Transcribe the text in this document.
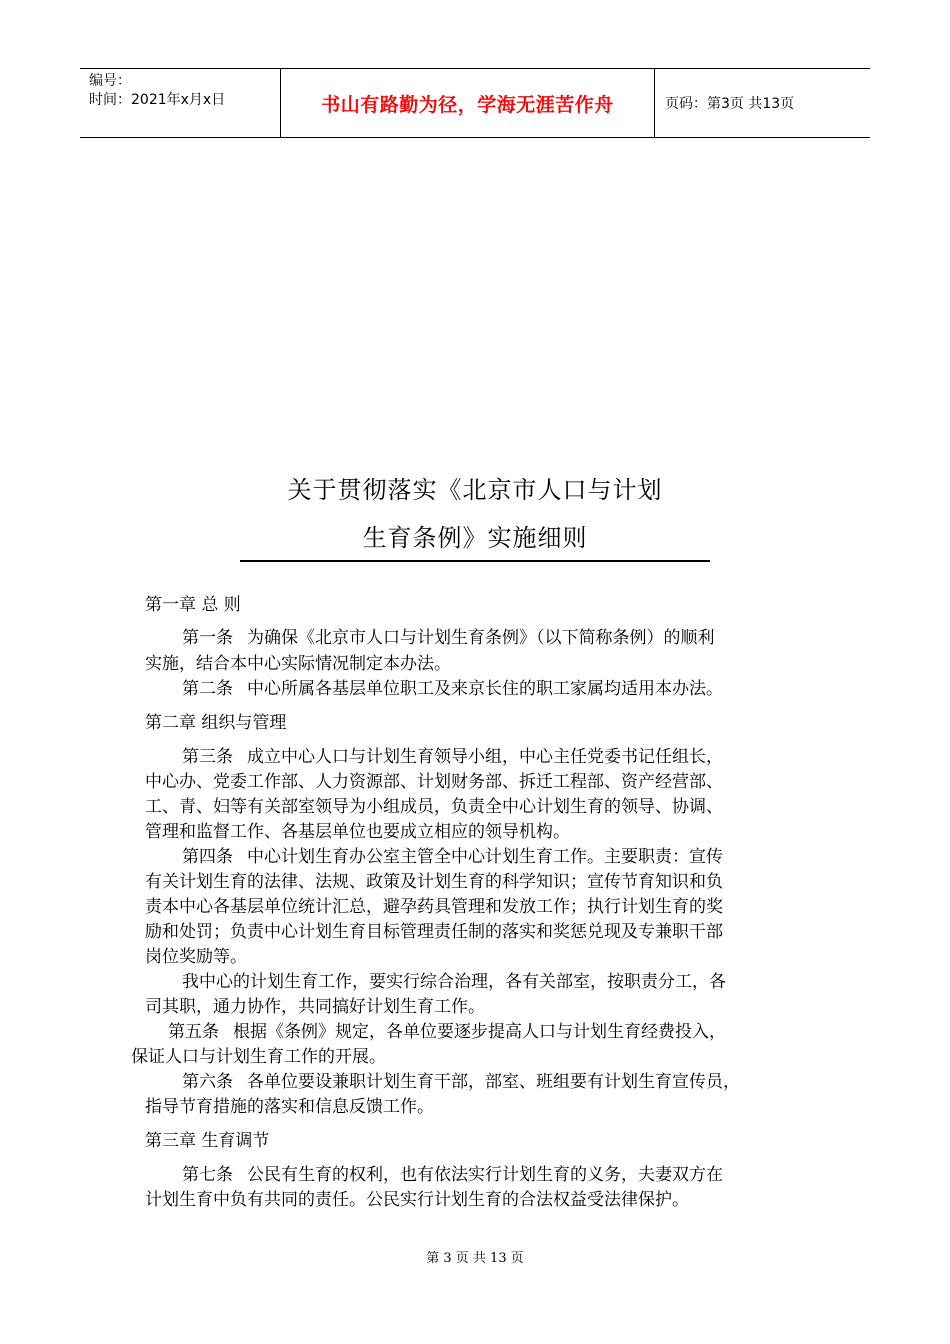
编号：
时间：2021年x月x日	书山有路勤为径，学海无涯苦作舟	页码：第3页 共13页
关于贯彻落实《北京市人口与计划
生育条例》实施细则
第一章 总 则
第一条 为确保《北京市人口与计划生育条例》（以下简称条例）的顺利
实施，结合本中心实际情况制定本办法。
第二条 中心所属各基层单位职工及来京长住的职工家属均适用本办法。
第二章 组织与管理
第三条 成立中心人口与计划生育领导小组，中心主任党委书记任组长，
中心办、党委工作部、人力资源部、计划财务部、拆迁工程部、资产经营部、
工、青、妇等有关部室领导为小组成员，负责全中心计划生育的领导、协调、
管理和监督工作、各基层单位也要成立相应的领导机构。
第四条 中心计划生育办公室主管全中心计划生育工作。主要职责：宣传
有关计划生育的法律、法规、政策及计划生育的科学知识；宣传节育知识和负
责本中心各基层单位统计汇总，避孕药具管理和发放工作；执行计划生育的奖
励和处罚；负责中心计划生育目标管理责任制的落实和奖惩兑现及专兼职干部
岗位奖励等。
我中心的计划生育工作，要实行综合治理，各有关部室，按职责分工，各
司其职，通力协作，共同搞好计划生育工作。
第五条 根据《条例》规定，各单位要逐步提高人口与计划生育经费投入，
保证人口与计划生育工作的开展。
第六条 各单位要设兼职计划生育干部，部室、班组要有计划生育宣传员，
指导节育措施的落实和信息反馈工作。
第三章 生育调节
第七条 公民有生育的权利，也有依法实行计划生育的义务，夫妻双方在
计划生育中负有共同的责任。公民实行计划生育的合法权益受法律保护。
第 3 页 共 13 页
